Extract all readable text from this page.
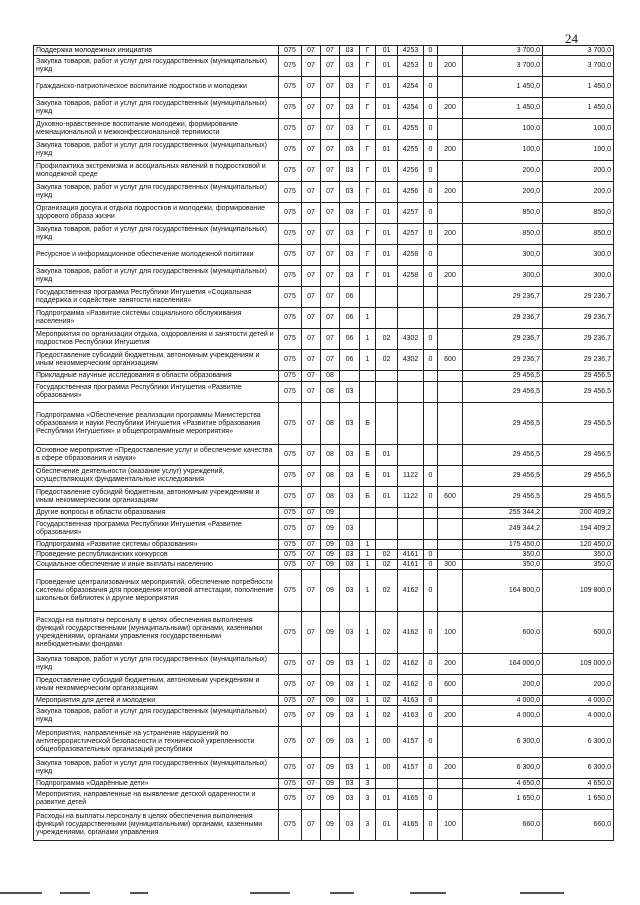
24
Поддержка молодежных инициатив	075	07	07	03	Г	01	4253	0		3 700,0	3 700,0
Закупка товаров, работ и услуг для государственных (муниципальных) нужд	075	07	07	03	Г	01	4253	0	200	3 700,0	3 700,0
Гражданско-патриотическое воспитание подростков и молодежи	075	07	07	03	Г	01	4254	0		1 450,0	1 450,0
Закупка товаров, работ и услуг для государственных (муниципальных) нужд	075	07	07	03	Г	01	4254	0	200	1 450,0	1 450,0
Духовно-нравственное воспитание молодежи, формирование межнациональной и межконфессиональной терпимости	075	07	07	03	Г	01	4255	0		100,0	100,0
Закупка товаров, работ и услуг для государственных (муниципальных) нужд	075	07	07	03	Г	01	4255	0	200	100,0	100,0
Профилактика экстремизма и асоциальных явлений в подростковой и молодежной среде	075	07	07	03	Г	01	4256	0		200,0	200,0
Закупка товаров, работ и услуг для государственных (муниципальных) нужд	075	07	07	03	Г	01	4256	0	200	200,0	200,0
Организация досуга и отдыха подростков и молодежи, формирование здорового образа жизни	075	07	07	03	Г	01	4257	0		850,0	850,0
Закупка товаров, работ и услуг для государственных (муниципальных) нужд	075	07	07	03	Г	01	4257	0	200	850,0	850,0
Ресурсное и информационное обеспечение молодежной политики	075	07	07	03	Г	01	4258	0		300,0	300,0
Закупка товаров, работ и услуг для государственных (муниципальных) нужд	075	07	07	03	Г	01	4258	0	200	300,0	300,0
Государственная программа Республики Ингушетия «Социальная поддержка и содействие занятости населения»	075	07	07	06						29 236,7	29 236,7
Подпрограмма «Развитие системы социального обслуживания населения»	075	07	07	06	1					29 236,7	29 236,7
Мероприятия по организации отдыха, оздоровления и занятости детей и подростков Республики Ингушетия	075	07	07	06	1	02	4302	0		29 236,7	29 236,7
Предоставление субсидий бюджетным, автономным учреждениям и иным некоммерческим организациям	075	07	07	06	1	02	4302	0	600	29 236,7	29 236,7
Прикладные научные исследования в области образования	075	07	08							29 456,5	29 456,5
Государственная программа Республики Ингушетия «Развитие образования»	075	07	08	03						29 456,5	29 456,5
Подпрограмма «Обеспечение реализации программы Министерства образования и науки Республики Ингушетия «Развитие образования Республики Ингушетия» и общепрограммные мероприятия»	075	07	08	03	Б					29 456,5	29 456,5
Основное мероприятие «Предоставление услуг и обеспечение качества в сфере образования и науки»	075	07	08	03	Б	01				29 456,5	29 456,5
Обеспечение деятельности (оказание услуг) учреждений, осуществляющих фундаментальные исследования	075	07	08	03	Б	01	1122	0		29 456,5	29 456,5
Предоставление субсидий бюджетным, автономным учреждениям и иным некоммерческим организациям	075	07	08	03	Б	01	1122	0	600	29 456,5	29 456,5
Другие вопросы в области образования	075	07	09							255 344,2	200 409,2
Государственная программа Республики Ингушетия «Развитие образования»	075	07	09	03						249 344,2	194 409,2
Подпрограмма «Развитие системы образования»	075	07	09	03	1					175 450,0	120 450,0
Проведение республиканских конкурсов	075	07	09	03	1	02	4161	0		350,0	350,0
Социальное обеспечение и иные выплаты населению	075	07	09	03	1	02	4161	0	300	350,0	350,0
Проведение централизованных мероприятий, обеспечение потребности системы образования для проведения итоговой аттестации, пополнение школьных библиотек и другие мероприятия	075	07	09	03	1	02	4162	0		164 800,0	109 800,0
Расходы на выплаты персоналу в целях обеспечения выполнения функций государственными (муниципальными) органами, казенными учреждениями, органами управления государственными внебюджетными фондами	075	07	09	03	1	02	4162	0	100	600,0	600,0
Закупка товаров, работ и услуг для государственных (муниципальных) нужд	075	07	09	03	1	02	4162	0	200	164 000,0	109 000,0
Предоставление субсидий бюджетным, автономным учреждениям и иным некоммерческим организациям	075	07	09	03	1	02	4162	0	600	200,0	200,0
Мероприятия для детей и молодежи	075	07	09	03	1	02	4163	0		4 000,0	4 000,0
Закупка товаров, работ и услуг для государственных (муниципальных) нужд	075	07	09	03	1	02	4163	0	200	4 000,0	4 000,0
Мероприятия, направленные на устранение нарушений по антитеррористической безопасности и технической укрепленности общеобразовательных организаций республики	075	07	09	03	1	00	4157	0		6 300,0	6 300,0
Закупка товаров, работ и услуг для государственных (муниципальных) нужд	075	07	09	03	1	00	4157	0	200	6 300,0	6 300,0
Подпрограмма «Одарённые дети»	075	07	09	03	3					4 650,0	4 650,0
Мероприятия, направленные на выявление детской одаренности и развитие детей	075	07	09	03	3	01	4165	0		1 650,0	1 650,0
Расходы на выплаты персоналу в целях обеспечения выполнения функций государственными (муниципальными) органами, казенными учреждениями, органами управления	075	07	09	03	3	01	4165	0	100	660,0	660,0
